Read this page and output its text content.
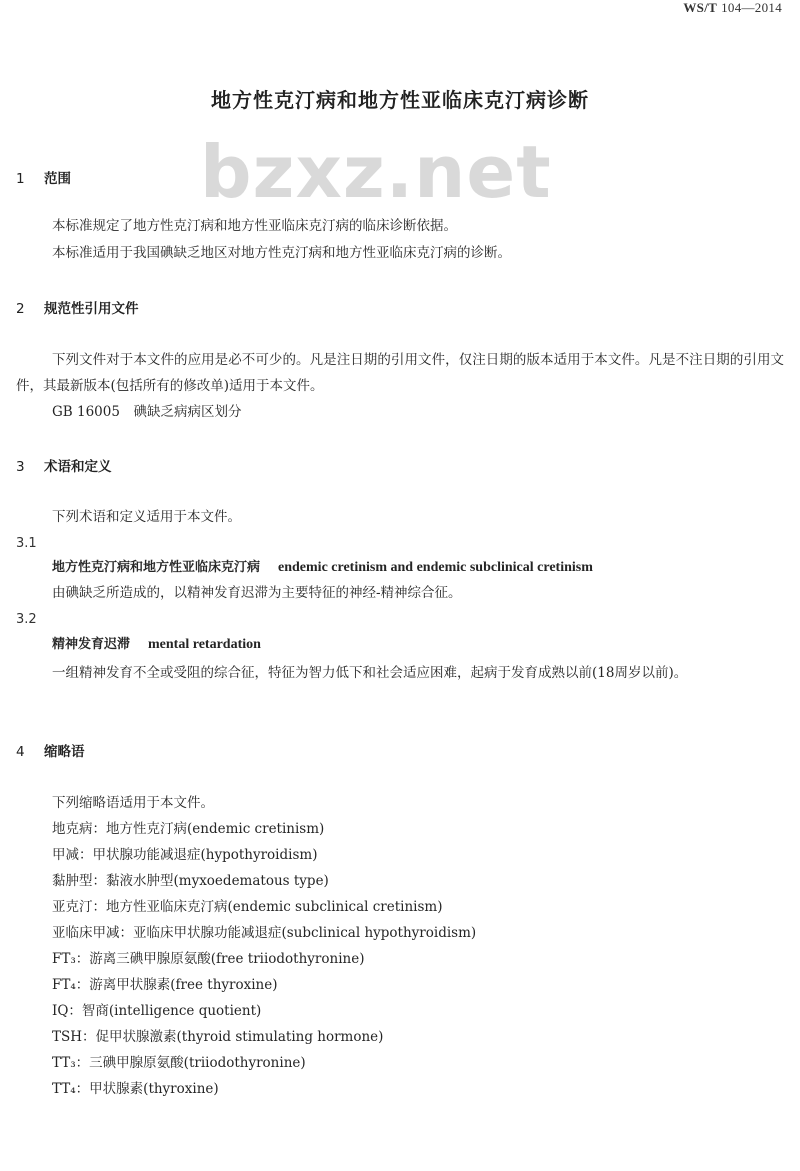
WS/T 104—2014
bzxz.net
地方性克汀病和地方性亚临床克汀病诊断
1 范围
本标准规定了地方性克汀病和地方性亚临床克汀病的临床诊断依据。
本标准适用于我国碘缺乏地区对地方性克汀病和地方性亚临床克汀病的诊断。
2 规范性引用文件
下列文件对于本文件的应用是必不可少的。凡是注日期的引用文件，仅注日期的版本适用于本文件。凡是不注日期的引用文件，其最新版本(包括所有的修改单)适用于本文件。
GB 16005　碘缺乏病病区划分
3 术语和定义
下列术语和定义适用于本文件。
3.1
地方性克汀病和地方性亚临床克汀病 endemic cretinism and endemic subclinical cretinism
由碘缺乏所造成的，以精神发育迟滞为主要特征的神经-精神综合征。
3.2
精神发育迟滞 mental retardation
一组精神发育不全或受阻的综合征，特征为智力低下和社会适应困难，起病于发育成熟以前(18周岁以前)。
4 缩略语
下列缩略语适用于本文件。
地克病：地方性克汀病(endemic cretinism)
甲减：甲状腺功能减退症(hypothyroidism)
黏肿型：黏液水肿型(myxoedematous type)
亚克汀：地方性亚临床克汀病(endemic subclinical cretinism)
亚临床甲减：亚临床甲状腺功能减退症(subclinical hypothyroidism)
FT₃：游离三碘甲腺原氨酸(free triiodothyronine)
FT₄：游离甲状腺素(free thyroxine)
IQ：智商(intelligence quotient)
TSH：促甲状腺激素(thyroid stimulating hormone)
TT₃：三碘甲腺原氨酸(triiodothyronine)
TT₄：甲状腺素(thyroxine)
